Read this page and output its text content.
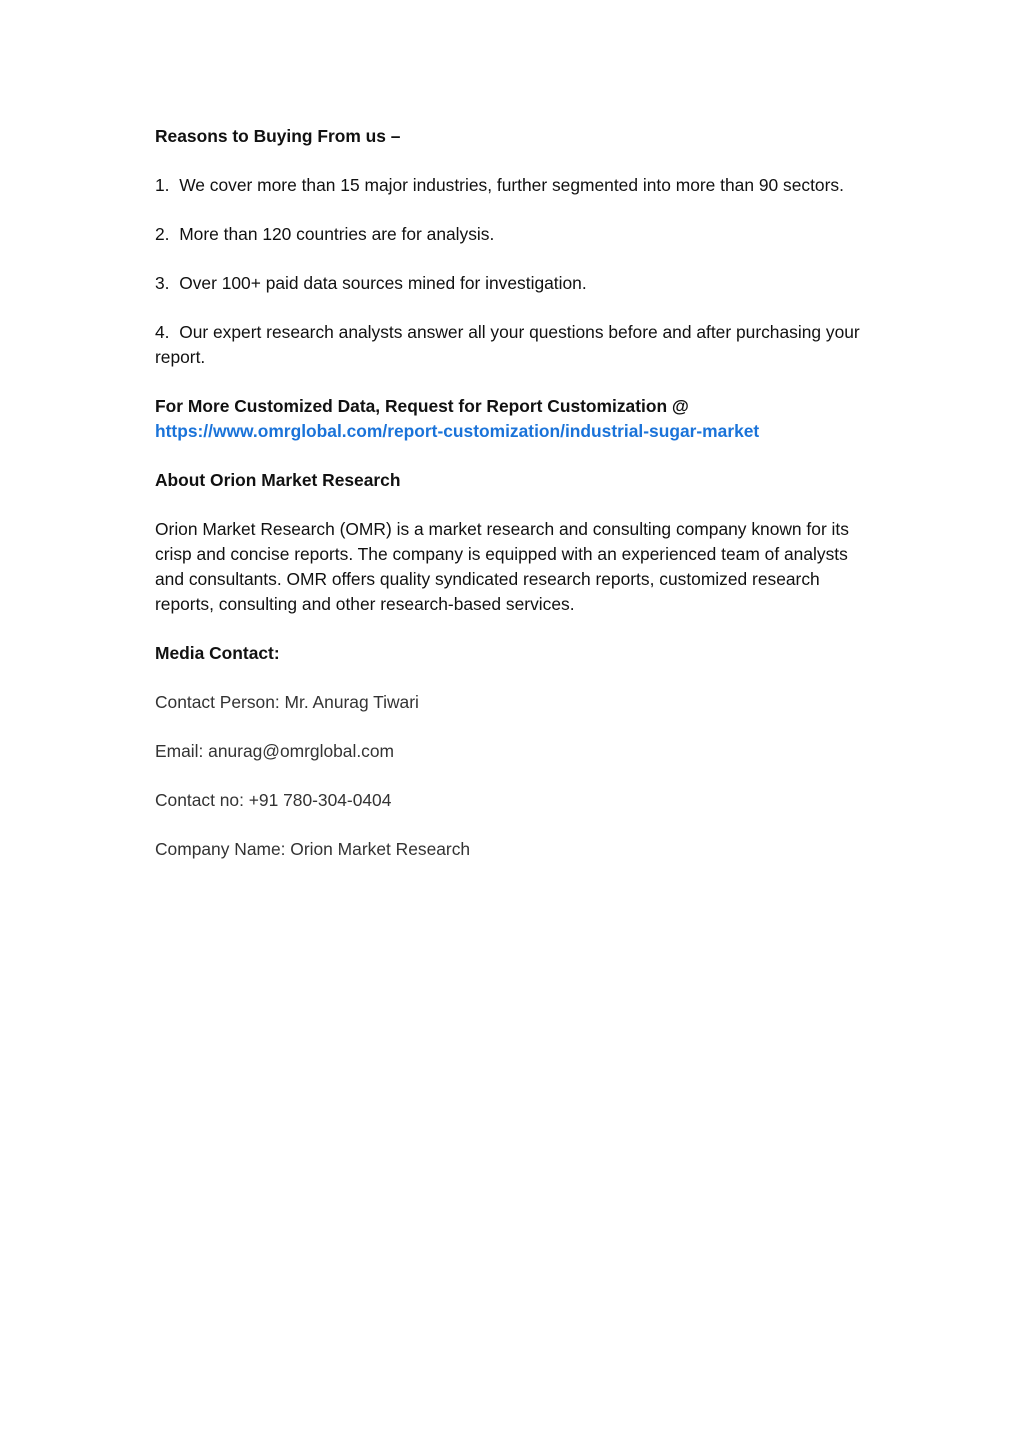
Reasons to Buying From us –
1. We cover more than 15 major industries, further segmented into more than 90 sectors.
2. More than 120 countries are for analysis.
3. Over 100+ paid data sources mined for investigation.
4. Our expert research analysts answer all your questions before and after purchasing your report.
For More Customized Data, Request for Report Customization @
https://www.omrglobal.com/report-customization/industrial-sugar-market
About Orion Market Research
Orion Market Research (OMR) is a market research and consulting company known for its crisp and concise reports. The company is equipped with an experienced team of analysts and consultants. OMR offers quality syndicated research reports, customized research reports, consulting and other research-based services.
Media Contact:
Contact Person: Mr. Anurag Tiwari
Email: anurag@omrglobal.com
Contact no: +91 780-304-0404
Company Name: Orion Market Research
